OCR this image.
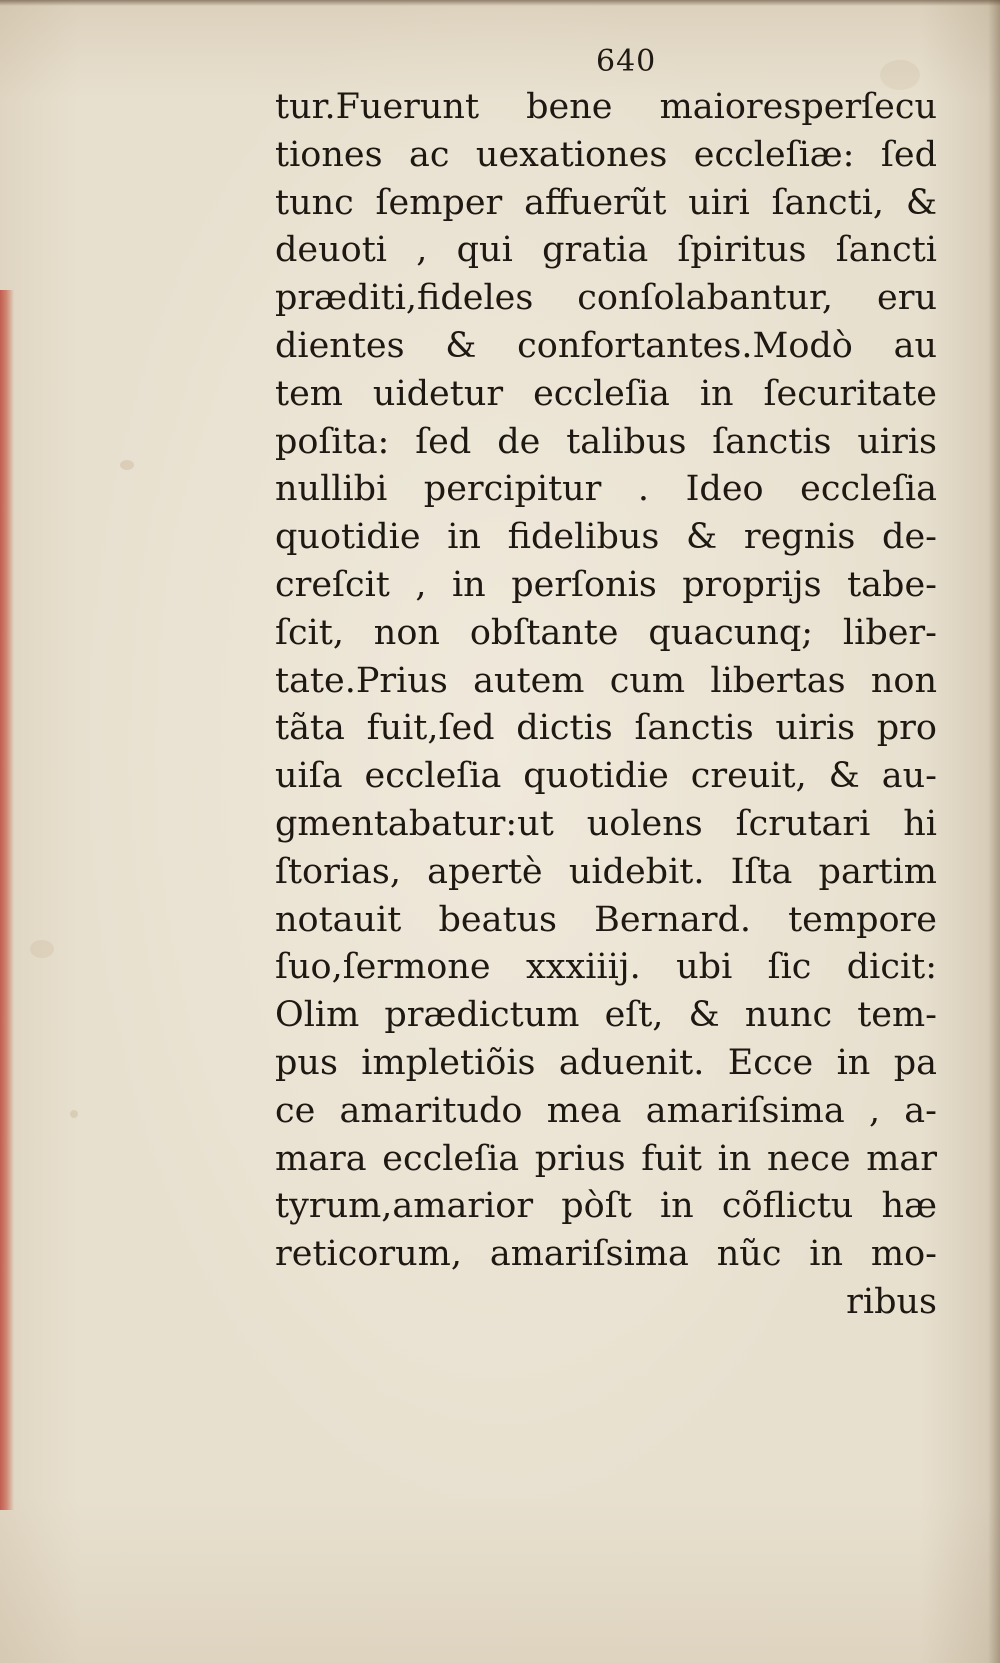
640
tur.Fuerunt bene maioresperſecu
tiones ac uexationes eccleſiæ: ſed
tunc ſemper affuerũt uiri ſancti, &
deuoti , qui gratia ſpiritus ſancti
præditi,fideles conſolabantur, eru
dientes & confortantes.Modò au
tem uidetur eccleſia in ſecuritate
poſita: ſed de talibus ſanctis uiris
nullibi percipitur . Ideo eccleſia
quotidie in fidelibus & regnis de-
creſcit , in perſonis proprijs tabe-
ſcit, non obſtante quacunq; liber-
tate.Prius autem cum libertas non
tãta fuit,ſed dictis ſanctis uiris pro
uiſa eccleſia quotidie creuit, & au-
gmentabatur:ut uolens ſcrutari hi
ſtorias, apertè uidebit. Iſta partim
notauit beatus Bernard. tempore
ſuo,ſermone xxxiiij. ubi ſic dicit:
Olim prædictum eſt, & nunc tem-
pus impletiõis aduenit. Ecce in pa
ce amaritudo mea amariſsima , a-
mara eccleſia prius fuit in nece mar
tyrum,amarior pòſt in cõflictu hæ
reticorum, amariſsima nũc in mo-
ribus
